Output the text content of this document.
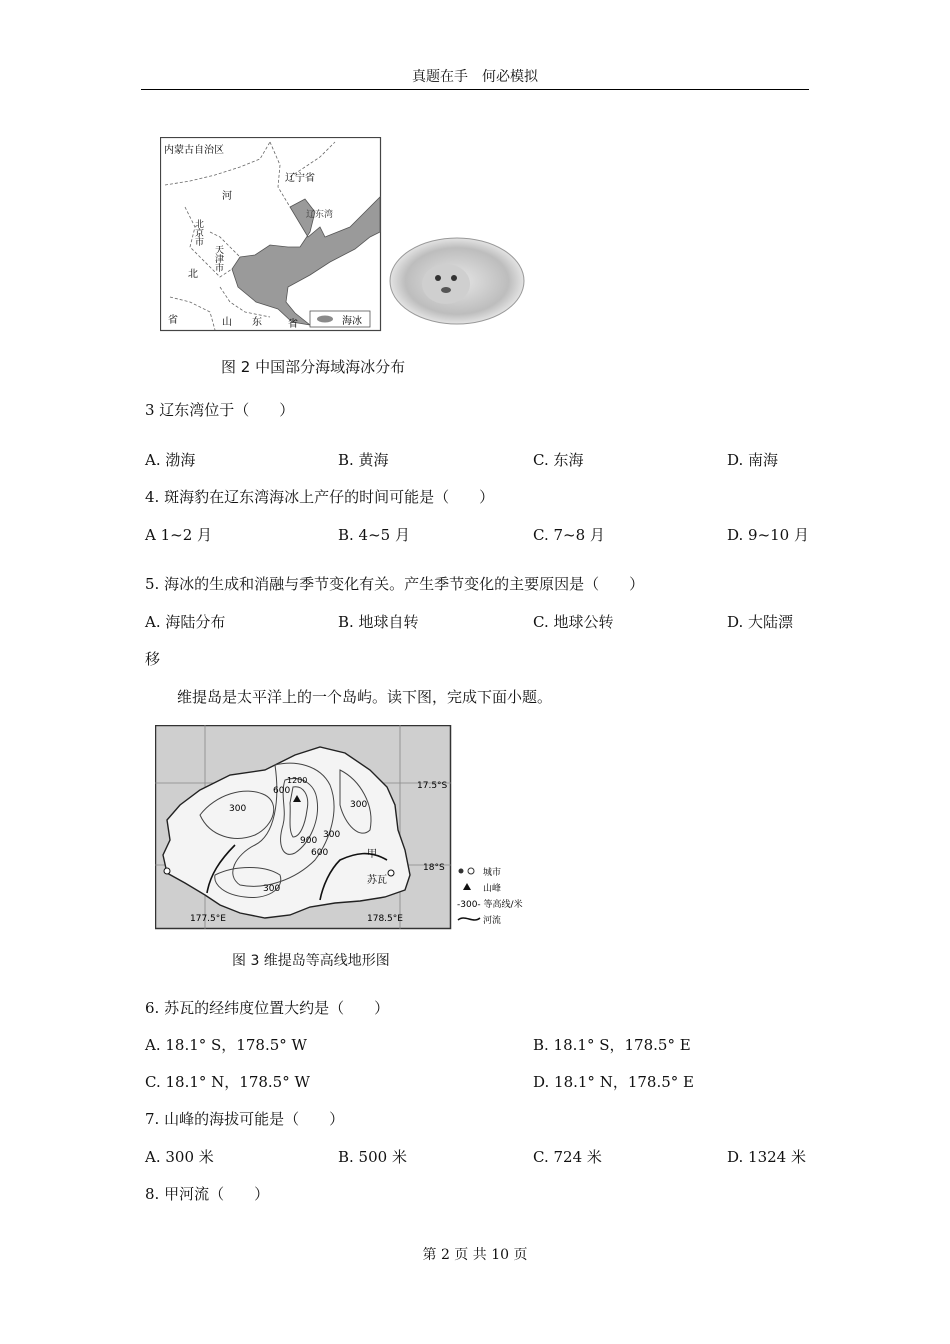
真题在手　何必模拟
海冰
内蒙古自治区
辽宁省
河
北
省
北京市
天津市
辽东湾
山 东	省
图 2 中国部分海域海冰分布
3 辽东湾位于（　　）
A. 渤海	B. 黄海	C. 东海	D. 南海
4. 斑海豹在辽东湾海冰上产仔的时间可能是（　　）
A 1~2 月	B. 4~5 月	C. 7~8 月	D. 9~10 月
5. 海冰的生成和消融与季节变化有关。产生季节变化的主要原因是（　　）
A. 海陆分布	B. 地球自转	C. 地球公转	D. 大陆漂
移
维提岛是太平洋上的一个岛屿。读下图，完成下面小题。
17.5°S
18°S
177.5°E	178.5°E
300	300
300
300
600
600
900
1200
甲
苏瓦
城市
山峰
-300- 等高线/米
河流
图 3 维提岛等高线地形图
6. 苏瓦的经纬度位置大约是（　　）
A. 18.1° S，178.5° W	B. 18.1° S，178.5° E
C. 18.1° N，178.5° W	D. 18.1° N，178.5° E
7. 山峰的海拔可能是（　　）
A. 300 米	B. 500 米	C. 724 米	D. 1324 米
8. 甲河流（　　）
第 2 页 共 10 页
